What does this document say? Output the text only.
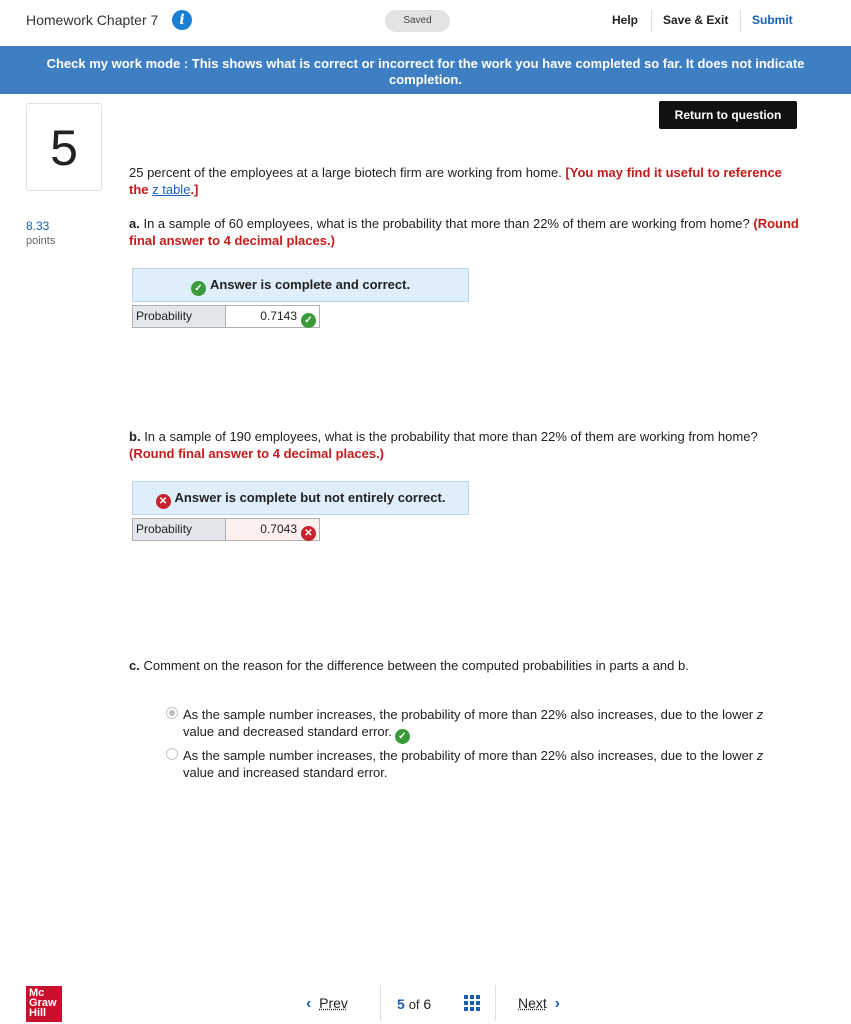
Homework Chapter 7	i	Saved	Help Save & Exit Submit
Check my work mode : This shows what is correct or incorrect for the work you have completed so far. It does not indicate completion.
Return to question
5
8.33
points
25 percent of the employees at a large biotech firm are working from home. [You may find it useful to reference the z table.]
a. In a sample of 60 employees, what is the probability that more than 22% of them are working from home? (Round final answer to 4 decimal places.)
✓ Answer is complete and correct.
Probability	0.7143 ✓
b. In a sample of 190 employees, what is the probability that more than 22% of them are working from home? (Round final answer to 4 decimal places.)
✕ Answer is complete but not entirely correct.
Probability	0.7043 ✕
c. Comment on the reason for the difference between the computed probabilities in parts a and b.
As the sample number increases, the probability of more than 22% also increases, due to the lower z value and decreased standard error. ✓
As the sample number increases, the probability of more than 22% also increases, due to the lower z value and increased standard error.
Mc
Graw
Hill
‹ Prev	5 of 6	Next ›
